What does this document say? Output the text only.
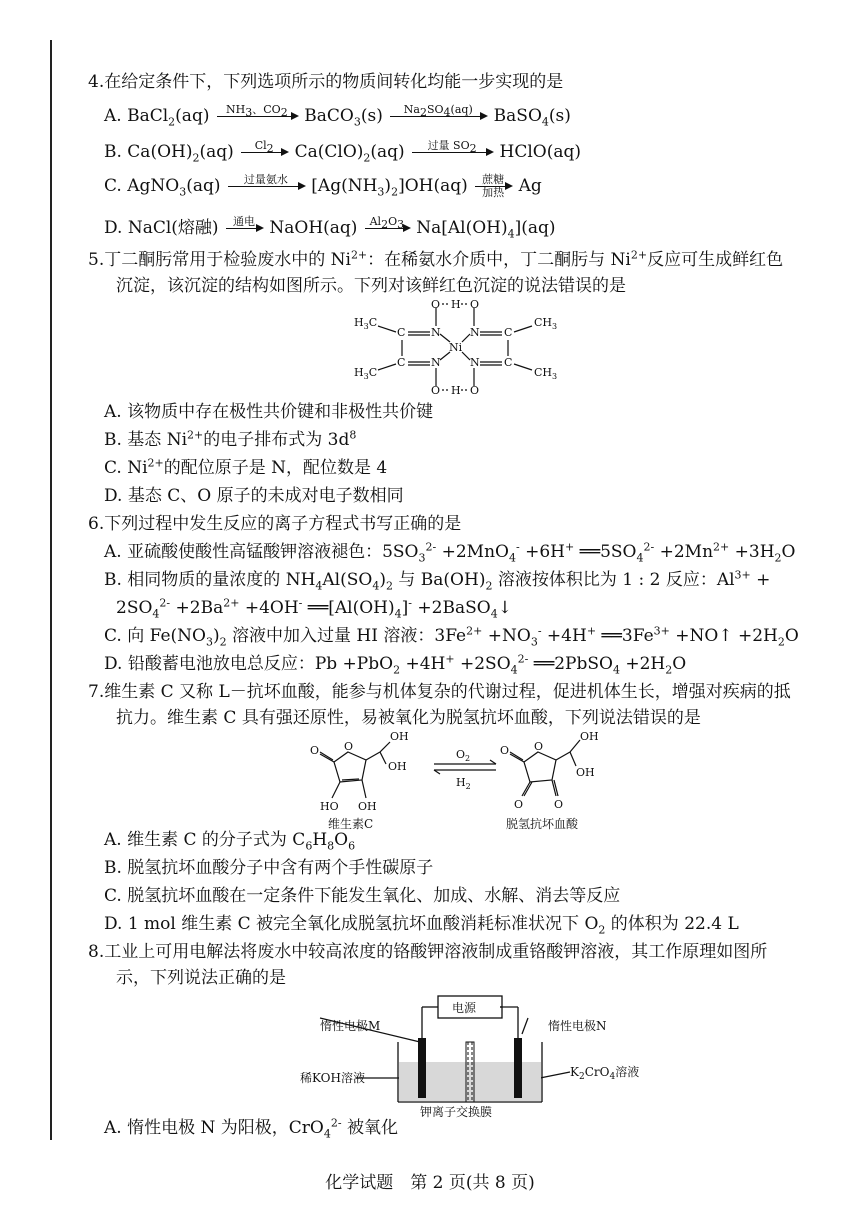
4.在给定条件下，下列选项所示的物质间转化均能一步实现的是
A. BaCl$_2$(aq)	$NH_3$、$CO_2$
BaCO$_3$(s)	$Na_2SO_4(aq)$
	BaSO$_4$(s)
B. $Ca(OH)_2(aq)$	$Cl_2$
	$Ca(ClO)_2(aq)$	过量 $SO_2$
	HClO(aq)
C. AgNO$_3$(aq)	过量氨水
	$[Ag(NH_3)_2]OH(aq)$	蔗糖
加热 Ag
D. NaCl(熔融)	通电
NaOH(aq)	$Al_2O_3$
$Na[Al(OH)_4](aq)$
5.丁二酮肟常用于检验废水中的 $Ni^{2+}$：在稀氨水介质中，丁二酮肟与 $Ni^{2+}$反应可生成鲜红色
沉淀，该沉淀的结构如图所示。下列对该鲜红色沉淀的说法错误的是
O H O
N	N
Ni
N	N
O H O
C	C
C	C
$H_3C$
$H_3C$
$CH_3$
$CH_3$
A. 该物质中存在极性共价键和非极性共价键
B. 基态 $Ni^{2+}$的电子排布式为 $3d^8$
C. $Ni^{2+}$的配位原子是 N，配位数是 4
D. 基态 C、O 原子的未成对电子数相同
6.下列过程中发生反应的离子方程式书写正确的是
A. 亚硫酸使酸性高锰酸钾溶液褪色：$5SO_3^{2-} +2MnO_4^- +6H^+$ $══5SO_4^{2-} +2Mn^{2+} +3H_2O$
B. 相同物质的量浓度的 $NH_4Al(SO_4)_2$ 与 $Ba(OH)_2$ 溶液按体积比为 1 : 2 反应：$Al^{3+}$ +
$2SO_4^{2-} +2Ba^{2+} +4OH^-$ $══[Al(OH)_4]^-$ +2BaSO$_4$↓
C. 向 $Fe(NO_3)_2$ 溶液中加入过量 HI 溶液：$3Fe^{2+} +NO_3^- +4H^+$ $══3Fe^{3+}$ +NO↑ $+2H_2O$
D. 铅酸蓄电池放电总反应：$Pb +PbO_2 +4H^+ +2SO_4^{2-}$ ══2PbSO$_4$ $+2H_2O$
7.维生素 C 又称 L－抗坏血酸，能参与机体复杂的代谢过程，促进机体生长，增强对疾病的抵
抗力。维生素 C 具有强还原性，易被氧化为脱氢抗坏血酸，下列说法错误的是
O
O
HO OH
OH
OH
$O_2$
$H_2$
O
O
O	O
OH
OH
维生素C	脱氢抗坏血酸
A. 维生素 C 的分子式为 $C_6H_8O_6$
B. 脱氢抗坏血酸分子中含有两个手性碳原子
C. 脱氢抗坏血酸在一定条件下能发生氧化、加成、水解、消去等反应
D. 1 mol 维生素 C 被完全氧化成脱氢抗坏血酸消耗标准状况下 $O_2$ 的体积为 22.4 L
8.工业上可用电解法将废水中较高浓度的铬酸钾溶液制成重铬酸钾溶液，其工作原理如图所
示，下列说法正确的是
电源
惰性电极M	惰性电极N
稀KOH溶液	$K_2CrO_4$溶液
钾离子交换膜
A. 惰性电极 N 为阳极，CrO$_4^{2-}$ 被氧化
化学试题　第 2 页(共 8 页)
